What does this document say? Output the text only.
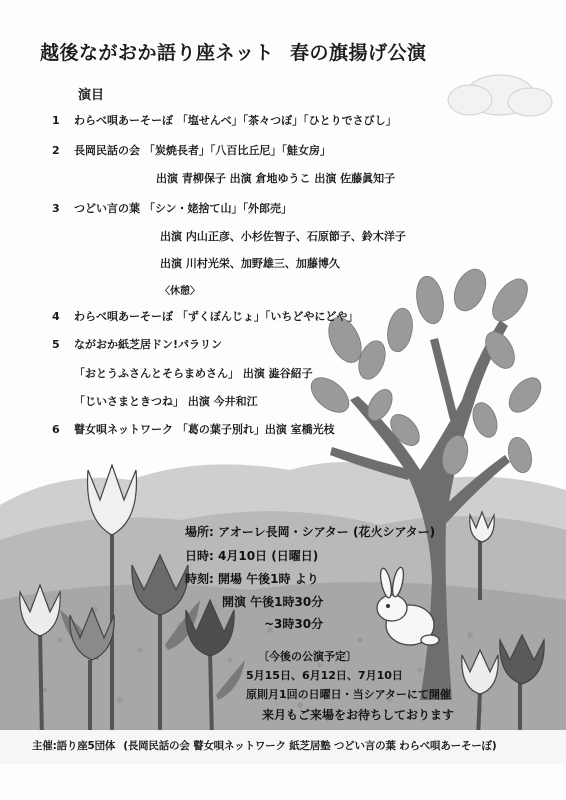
越後ながおか語り座ネット 春の旗揚げ公演
演目
1 わらべ唄あーそーぼ 「塩せんべ」「茶々つぼ」「ひとりでさびし」
2 長岡民話の会 「炭焼長者」「八百比丘尼」「鮭女房」
出演 青柳保子 出演 倉地ゆうこ 出演 佐藤眞知子
3 つどい言の葉 「シン・姥捨て山」「外郎売」
出演 内山正彦、小杉佐智子、石原節子、鈴木洋子
出演 川村光栄、加野雄三、加藤博久
〈休憩〉
4 わらべ唄あーそーぼ 「ずくぼんじょ」「いちどやにどや」
5 ながおか紙芝居ドン!パラリン
「おとうふさんとそらまめさん」 出演 澁谷紹子
「じいさまときつね」 出演 今井和江
6 瞽女唄ネットワーク 「葛の葉子別れ」出演 室橋光枝
場所: アオーレ長岡・シアター (花火シアター)
日時: 4月10日 (日曜日)
時刻: 開場 午後1時 より
開演 午後1時30分
~3時30分
〔今後の公演予定〕
5月15日、6月12日、7月10日
原則月1回の日曜日・当シアターにて開催
来月もご来場をお待ちしております
主催:語り座5団体 (長岡民話の会 瞽女唄ネットワーク 紙芝居塾 つどい言の葉 わらべ唄あーそーぼ)
